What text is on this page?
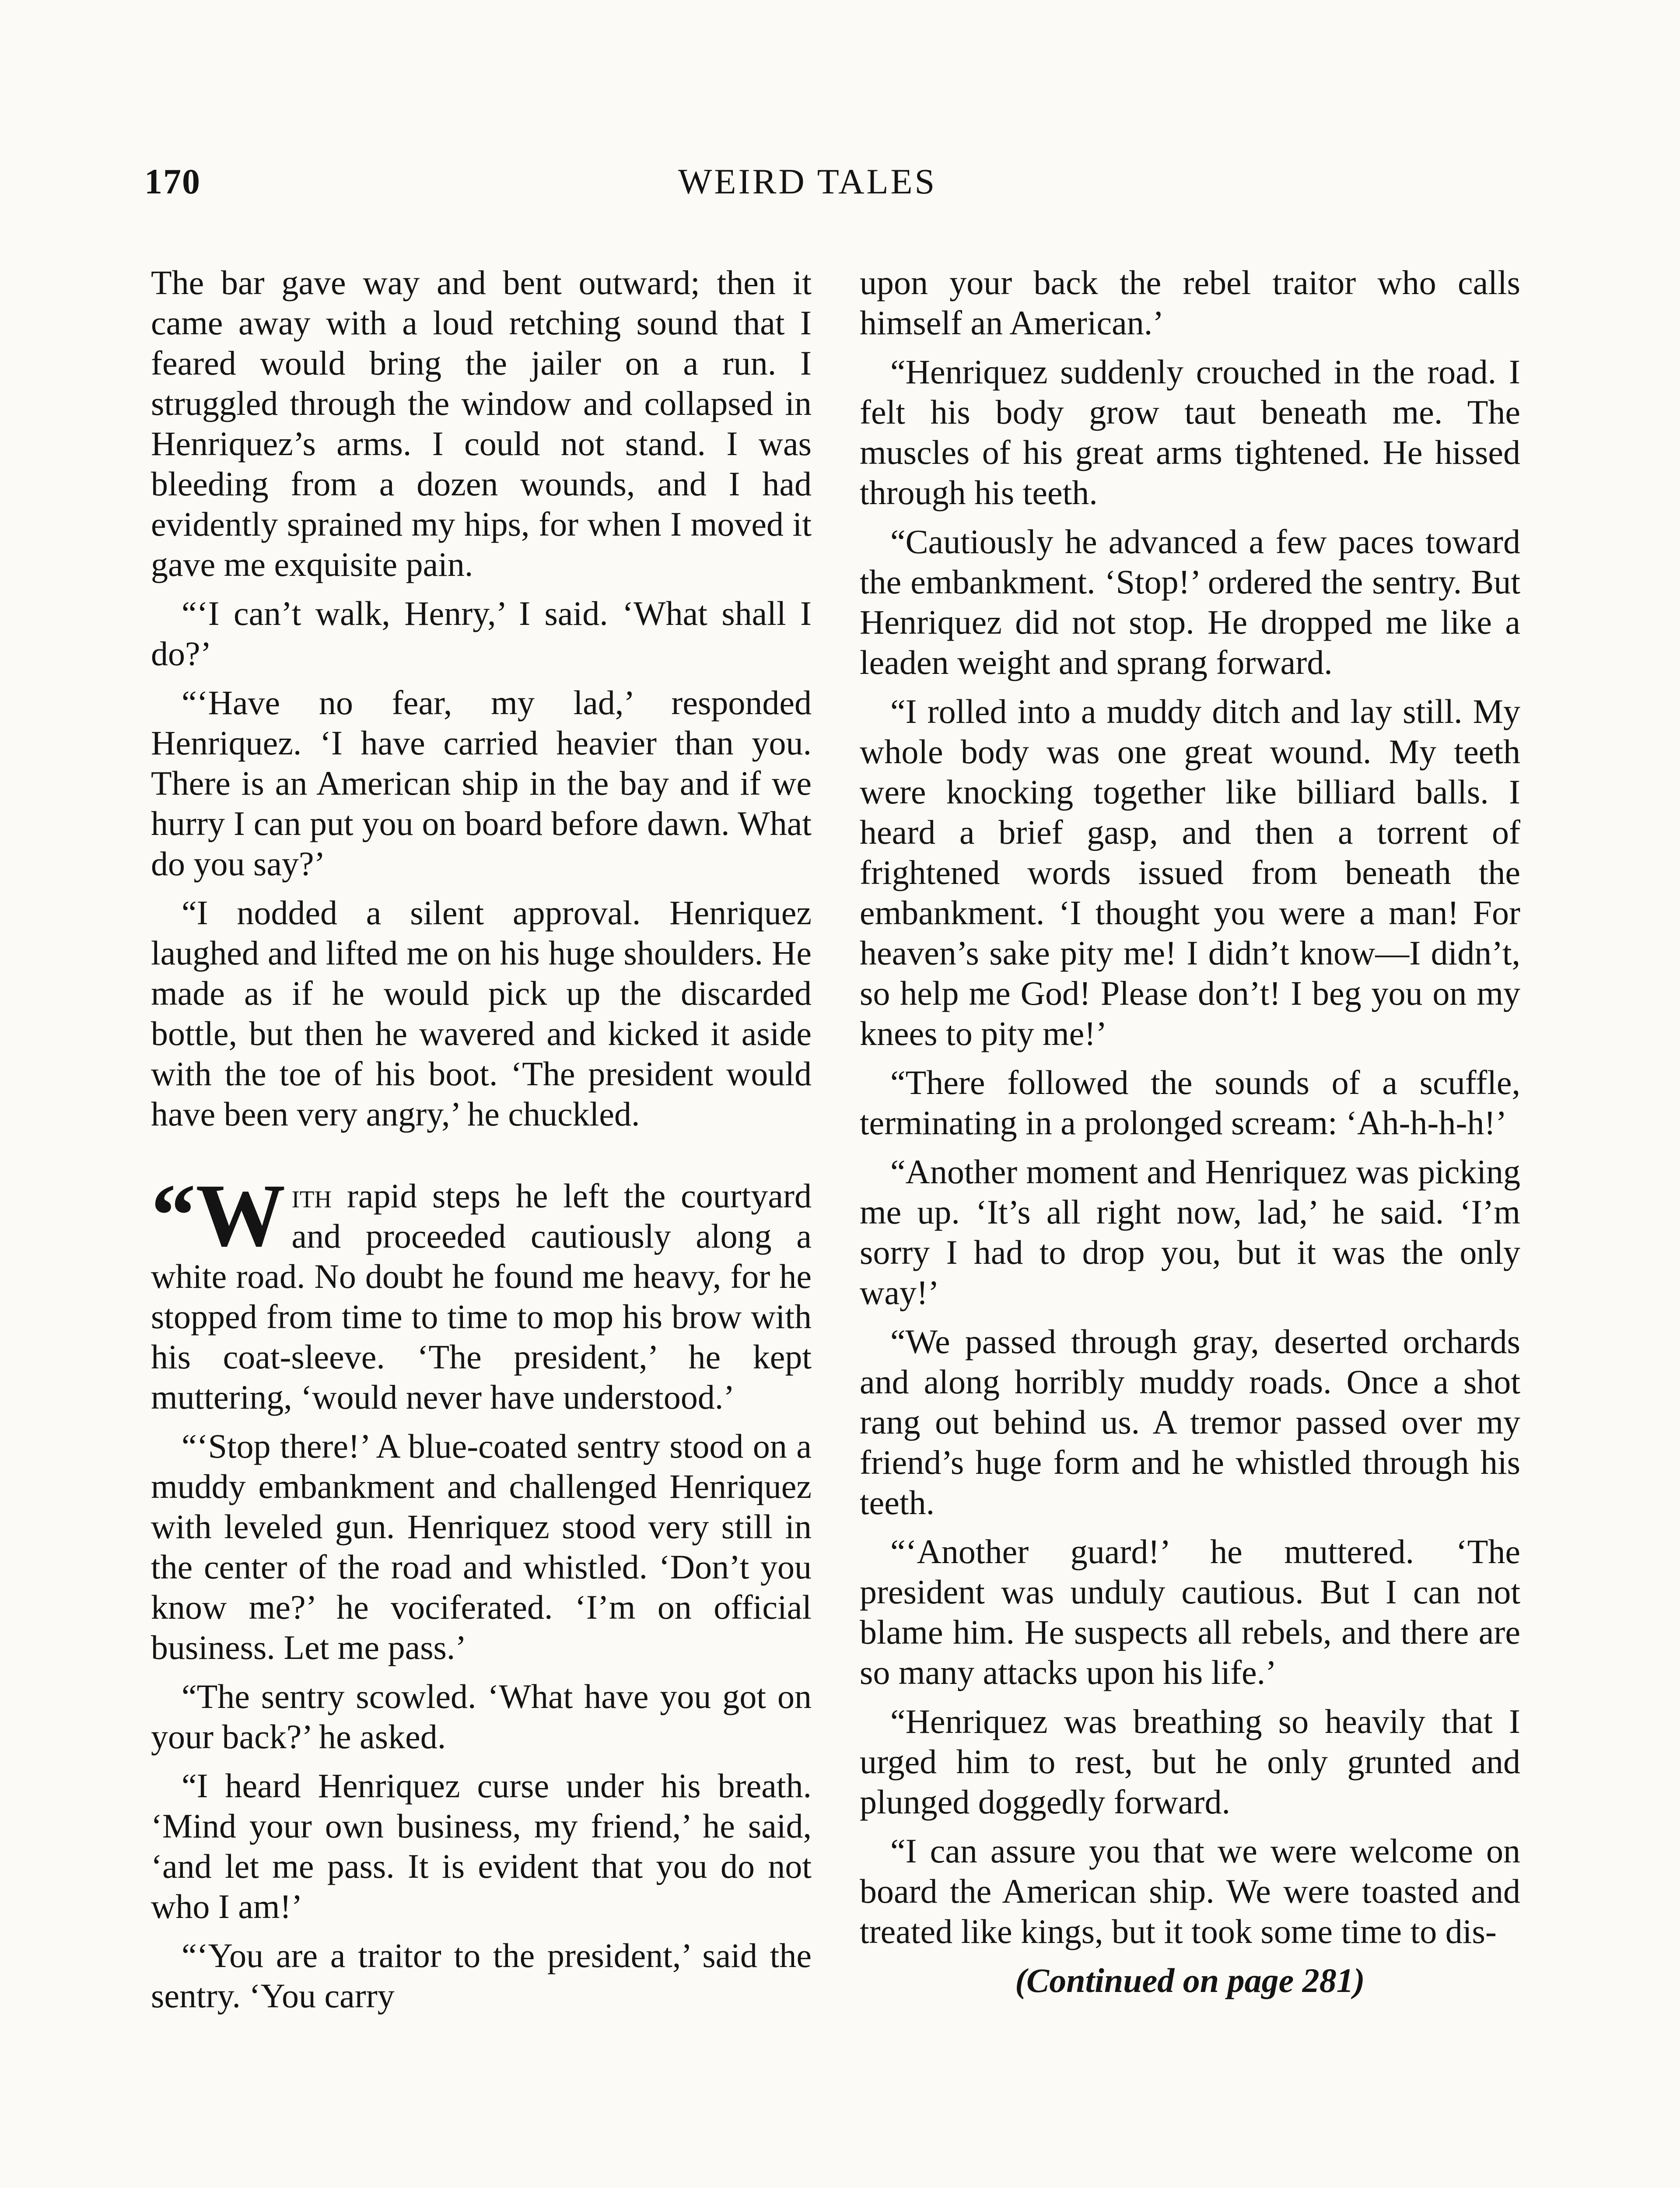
170	WEIRD TALES

The bar gave way and bent outward; then it came away with a loud retching sound that I feared would bring the jailer on a run. I struggled through the window and collapsed in Henriquez’s arms. I could not stand. I was bleeding from a dozen wounds, and I had evidently sprained my hips, for when I moved it gave me exquisite pain.

“‘I can’t walk, Henry,’ I said. ‘What shall I do?’

“‘Have no fear, my lad,’ responded Henriquez. ‘I have carried heavier than you. There is an American ship in the bay and if we hurry I can put you on board before dawn. What do you say?’

“I nodded a silent approval. Henriquez laughed and lifted me on his huge shoulders. He made as if he would pick up the discarded bottle, but then he wavered and kicked it aside with the toe of his boot. ‘The president would have been very angry,’ he chuckled.

“W ith rapid steps he left the courtyard and proceeded cautiously along a white road. No doubt he found me heavy, for he stopped from time to time to mop his brow with his coat-sleeve. ‘The president,’ he kept muttering, ‘would never have understood.’

“‘Stop there!’ A blue-coated sentry stood on a muddy embankment and challenged Henriquez with leveled gun. Henriquez stood very still in the center of the road and whistled. ‘Don’t you know me?’ he vociferated. ‘I’m on official business. Let me pass.’

“The sentry scowled. ‘What have you got on your back?’ he asked.

“I heard Henriquez curse under his breath. ‘Mind your own business, my friend,’ he said, ‘and let me pass. It is evident that you do not who I am!’

“‘You are a traitor to the president,’ said the sentry. ‘You carry

upon your back the rebel traitor who calls himself an American.’

“Henriquez suddenly crouched in the road. I felt his body grow taut beneath me. The muscles of his great arms tightened. He hissed through his teeth.

“Cautiously he advanced a few paces toward the embankment. ‘Stop!’ ordered the sentry. But Henriquez did not stop. He dropped me like a leaden weight and sprang forward.

“I rolled into a muddy ditch and lay still. My whole body was one great wound. My teeth were knocking together like billiard balls. I heard a brief gasp, and then a torrent of frightened words issued from beneath the embankment. ‘I thought you were a man! For heaven’s sake pity me! I didn’t know—I didn’t, so help me God! Please don’t! I beg you on my knees to pity me!’

“There followed the sounds of a scuffle, terminating in a prolonged scream: ‘Ah-h-h-h!’

“Another moment and Henriquez was picking me up. ‘It’s all right now, lad,’ he said. ‘I’m sorry I had to drop you, but it was the only way!’

“We passed through gray, deserted orchards and along horribly muddy roads. Once a shot rang out behind us. A tremor passed over my friend’s huge form and he whistled through his teeth.

“‘Another guard!’ he muttered. ‘The president was unduly cautious. But I can not blame him. He suspects all rebels, and there are so many attacks upon his life.’

“Henriquez was breathing so heavily that I urged him to rest, but he only grunted and plunged doggedly forward.

“I can assure you that we were welcome on board the American ship. We were toasted and treated like kings, but it took some time to dis-

(Continued on page 281)
